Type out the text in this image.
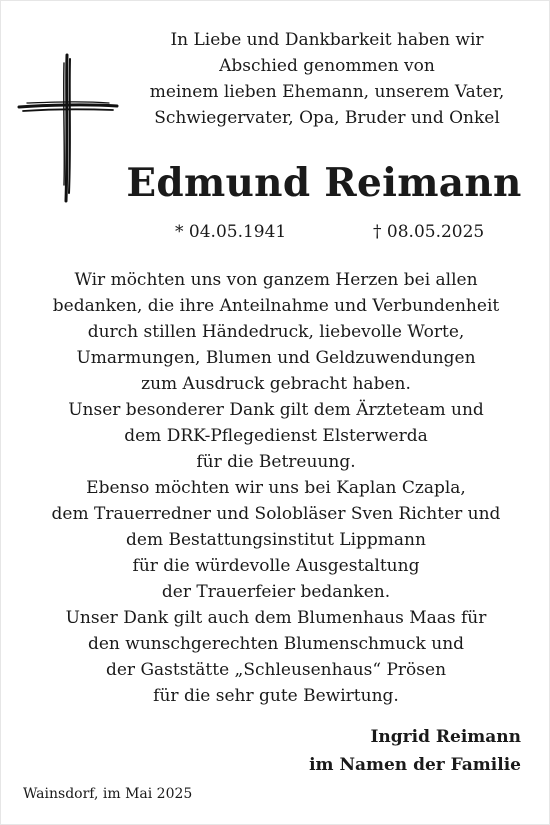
In Liebe und Dankbarkeit haben wir
Abschied genommen von
meinem lieben Ehemann, unserem Vater,
Schwiegervater, Opa, Bruder und Onkel
Edmund Reimann
* 04.05.1941	† 08.05.2025
Wir möchten uns von ganzem Herzen bei allen
bedanken, die ihre Anteilnahme und Verbundenheit
durch stillen Händedruck, liebevolle Worte,
Umarmungen, Blumen und Geldzuwendungen
zum Ausdruck gebracht haben.
Unser besonderer Dank gilt dem Ärzteteam und
dem DRK-Pflegedienst Elsterwerda
für die Betreuung.
Ebenso möchten wir uns bei Kaplan Czapla,
dem Trauerredner und Solobläser Sven Richter und
dem Bestattungsinstitut Lippmann
für die würdevolle Ausgestaltung
der Trauerfeier bedanken.
Unser Dank gilt auch dem Blumenhaus Maas für
den wunschgerechten Blumenschmuck und
der Gaststätte „Schleusenhaus“ Prösen
für die sehr gute Bewirtung.
Ingrid Reimann
im Namen der Familie
Wainsdorf, im Mai 2025
